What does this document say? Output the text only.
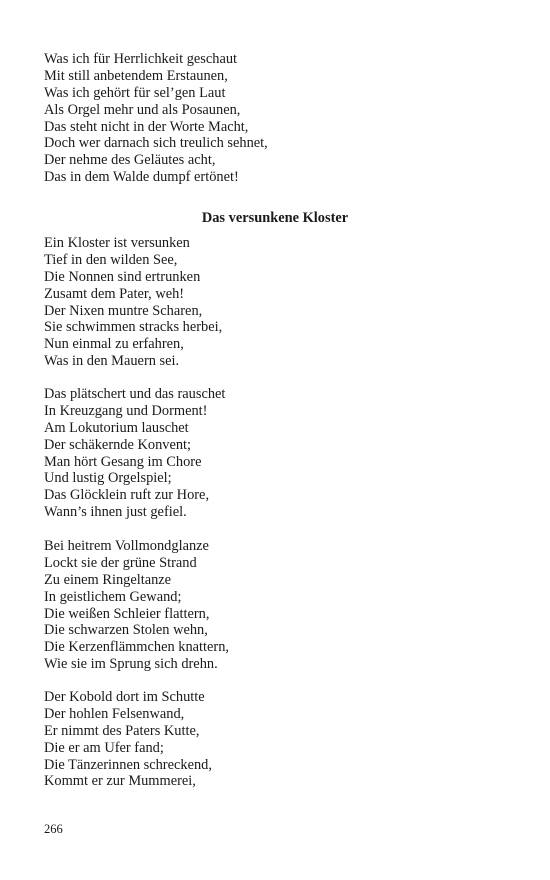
Was ich für Herrlichkeit geschaut
Mit still anbetendem Erstaunen,
Was ich gehört für sel’gen Laut
Als Orgel mehr und als Posaunen,
Das steht nicht in der Worte Macht,
Doch wer darnach sich treulich sehnet,
Der nehme des Geläutes acht,
Das in dem Walde dumpf ertönet!
Das versunkene Kloster
Ein Kloster ist versunken
Tief in den wilden See,
Die Nonnen sind ertrunken
Zusamt dem Pater, weh!
Der Nixen muntre Scharen,
Sie schwimmen stracks herbei,
Nun einmal zu erfahren,
Was in den Mauern sei.
Das plätschert und das rauschet
In Kreuzgang und Dorment!
Am Lokutorium lauschet
Der schäkernde Konvent;
Man hört Gesang im Chore
Und lustig Orgelspiel;
Das Glöcklein ruft zur Hore,
Wann’s ihnen just gefiel.
Bei heitrem Vollmondglanze
Lockt sie der grüne Strand
Zu einem Ringeltanze
In geistlichem Gewand;
Die weißen Schleier flattern,
Die schwarzen Stolen wehn,
Die Kerzenflämmchen knattern,
Wie sie im Sprung sich drehn.
Der Kobold dort im Schutte
Der hohlen Felsenwand,
Er nimmt des Paters Kutte,
Die er am Ufer fand;
Die Tänzerinnen schreckend,
Kommt er zur Mummerei,
266
